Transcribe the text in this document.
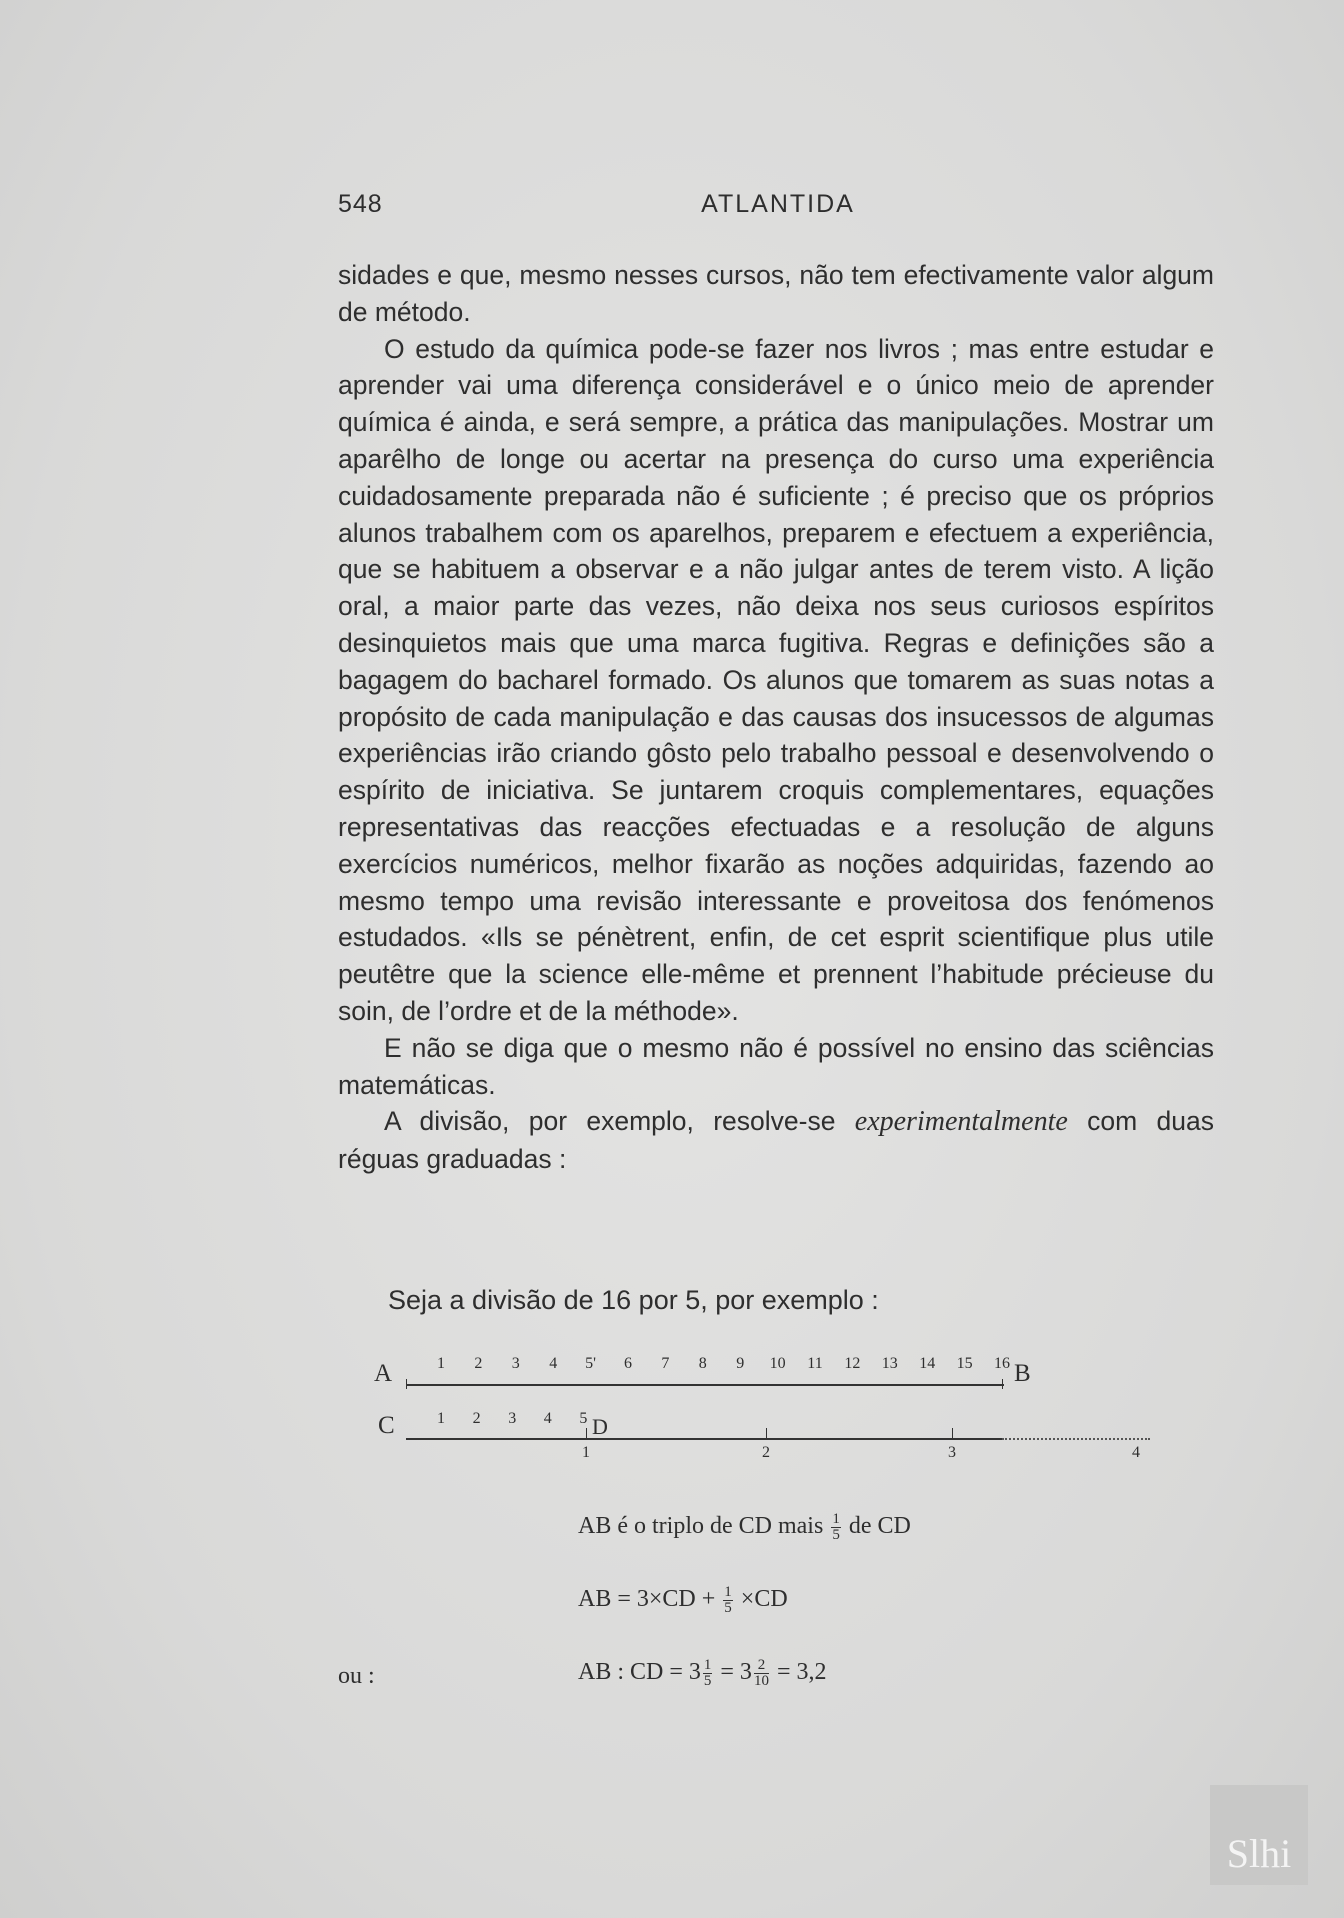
548	ATLANTIDA

sidades e que, mesmo nesses cursos, não tem efectivamente valor algum de método.

O estudo da química pode-se fazer nos livros ; mas entre estudar e aprender vai uma diferença considerável e o único meio de aprender química é ainda, e será sempre, a prática das manipulações. Mostrar um aparêlho de longe ou acertar na presença do curso uma experiência cuidadosamente preparada não é suficiente ; é preciso que os próprios alunos trabalhem com os aparelhos, preparem e efectuem a experiência, que se habituem a observar e a não julgar antes de terem visto. A lição oral, a maior parte das vezes, não deixa nos seus curiosos espíritos desinquietos mais que uma marca fugitiva. Regras e definições são a bagagem do bacharel formado. Os alunos que tomarem as suas notas a propósito de cada manipulação e das causas dos insucessos de algumas experiências irão criando gôsto pelo trabalho pessoal e desenvolvendo o espírito de iniciativa. Se juntarem croquis complementares, equações representativas das reacções efectuadas e a resolução de alguns exercícios numéricos, melhor fixarão as noções adquiridas, fazendo ao mesmo tempo uma revisão interessante e proveitosa dos fenómenos estudados. «Ils se pénètrent, enfin, de cet esprit scientifique plus utile peutêtre que la science elle-même et prennent l’habitude précieuse du soin, de l’ordre et de la méthode».

E não se diga que o mesmo não é possível no ensino das sciências matemáticas.

A divisão, por exemplo, resolve-se experimentalmente com duas réguas graduadas :

Seja a divisão de 16 por 5, por exemplo :
A	1 2 3 4 5' 6 7 8 9 10 11 12 13 14 15 16 B
C	1 2 3 4 5 D
1	2	3	4
AB é o triplo de CD mais $\frac{1}{5}$ de CD
AB = $3\times CD + \frac{1}{5} \times CD$
ou :	AB : CD = $3 \frac{1}{5} = 3 \frac{2}{10} = 3,2$
Slhi
